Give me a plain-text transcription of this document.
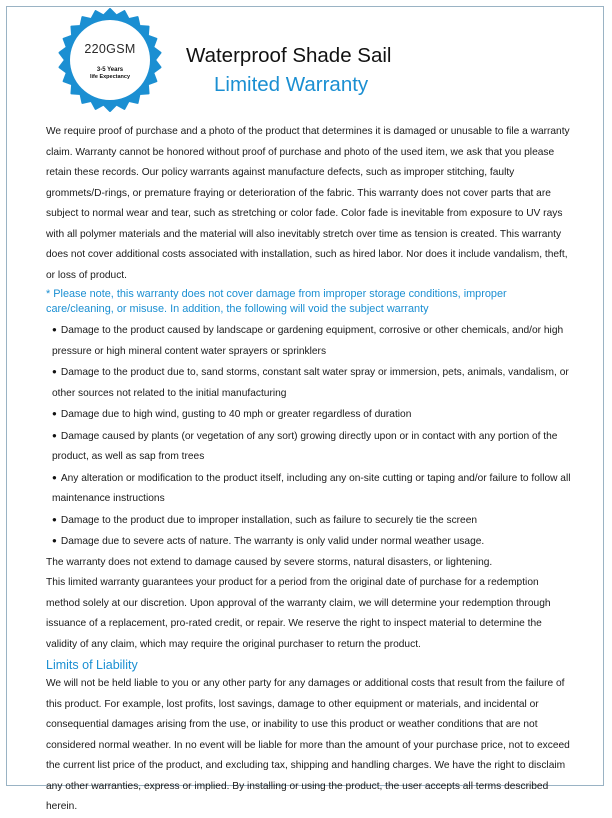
220GSM
3-5 Years
life Expectancy
Waterproof Shade Sail
Limited Warranty

We require proof of purchase and a photo of the product that determines it is damaged or unusable to file a warranty claim. Warranty cannot be honored without proof of purchase and photo of the used item, we ask that you please retain these records. Our policy warrants against manufacture defects, such as improper stitching, faulty grommets/D-rings, or premature fraying or deterioration of the fabric. This warranty does not cover parts that are subject to normal wear and tear, such as stretching or color fade. Color fade is inevitable from exposure to UV rays with all polymer materials and the material will also inevitably stretch over time as tension is created. This warranty does not cover additional costs associated with installation, such as hired labor. Nor does it include vandalism, theft, or loss of product.

* Please note, this warranty does not cover damage from improper storage conditions, improper care/cleaning, or misuse. In addition, the following will void the subject warranty

● Damage to the product caused by landscape or gardening equipment, corrosive or other chemicals, and/or high pressure or high mineral content water sprayers or sprinklers

● Damage to the product due to, sand storms, constant salt water spray or immersion, pets, animals, vandalism, or other sources not related to the initial manufacturing

● Damage due to high wind, gusting to 40 mph or greater regardless of duration

● Damage caused by plants (or vegetation of any sort) growing directly upon or in contact with any portion of the product, as well as sap from trees

● Any alteration or modification to the product itself, including any on-site cutting or taping and/or failure to follow all maintenance instructions

● Damage to the product due to improper installation, such as failure to securely tie the screen

● Damage due to severe acts of nature. The warranty is only valid under normal weather usage.

The warranty does not extend to damage caused by severe storms, natural disasters, or lightening.

This limited warranty guarantees your product for a period from the original date of purchase for a redemption method solely at our discretion. Upon approval of the warranty claim, we will determine your redemption through issuance of a replacement, pro-rated credit, or repair. We reserve the right to inspect material to determine the validity of any claim, which may require the original purchaser to return the product.

Limits of Liability

We will not be held liable to you or any other party for any damages or additional costs that result from the failure of this product. For example, lost profits, lost savings, damage to other equipment or materials, and incidental or consequential damages arising from the use, or inability to use this product or weather conditions that are not considered normal weather. In no event will be liable for more than the amount of your purchase price, not to exceed the current list price of the product, and excluding tax, shipping and handling charges. We have the right to disclaim any other warranties, express or implied. By installing or using the product, the user accepts all terms described herein.
